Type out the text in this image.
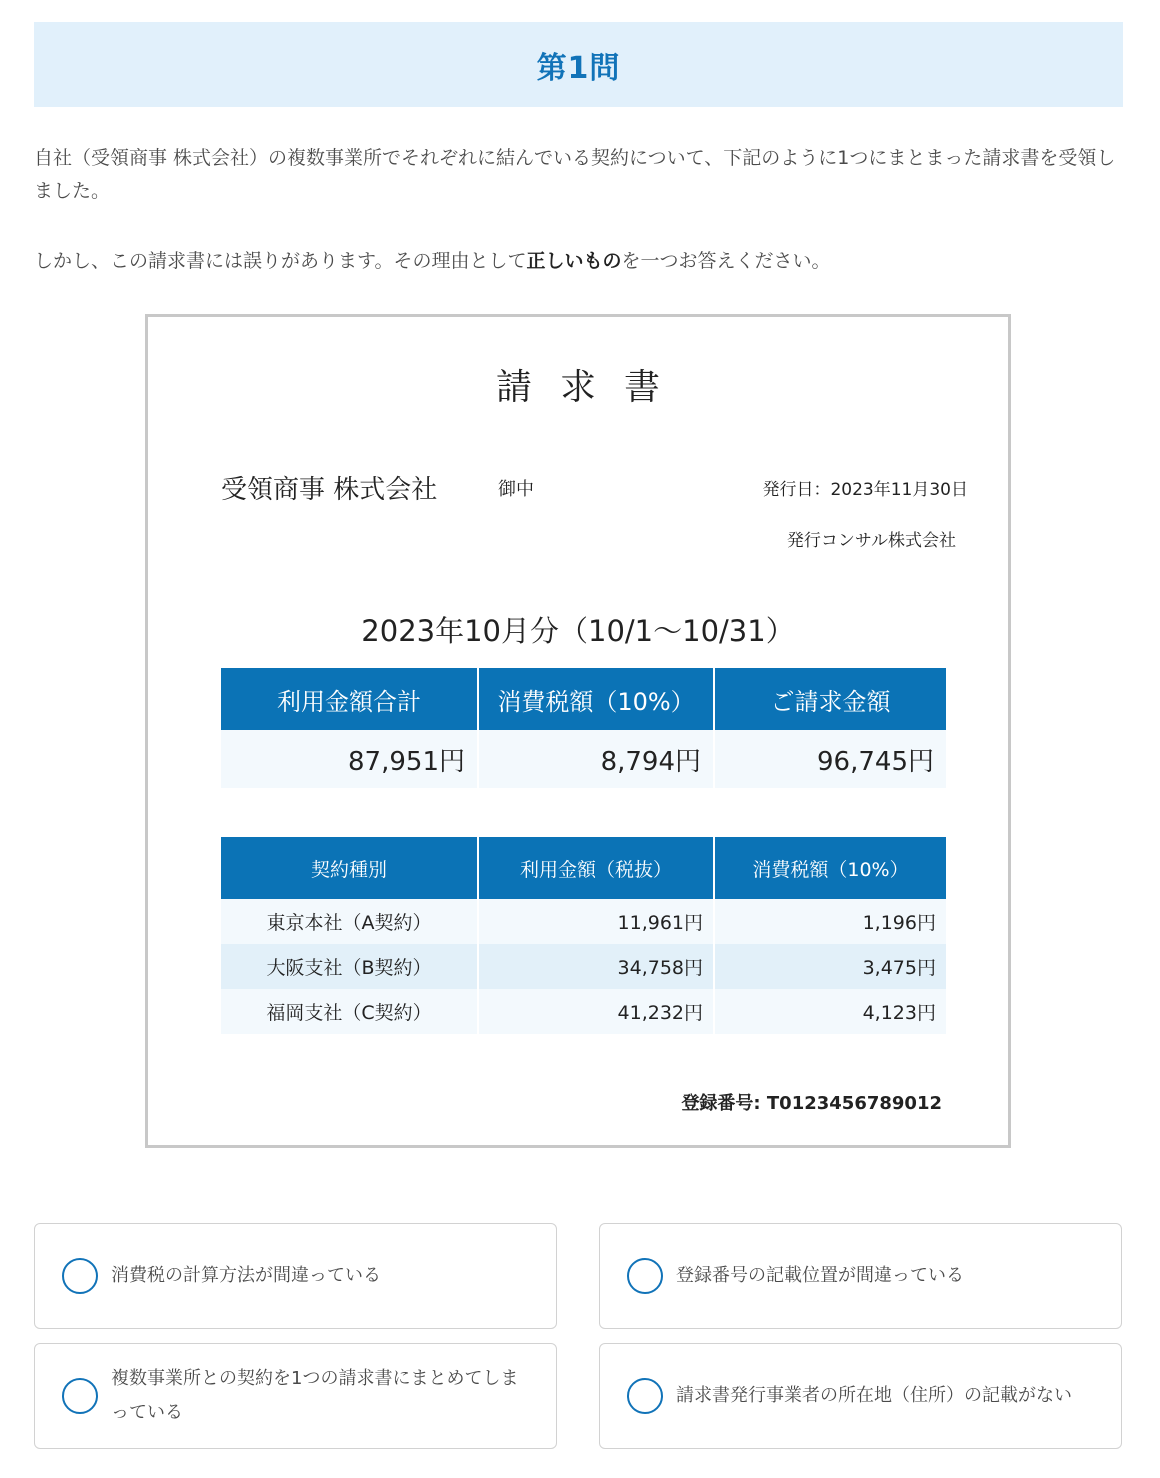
第1問

自社（受領商事 株式会社）の複数事業所でそれぞれに結んでいる契約について、下記のように1つにまとまった請求書を受領しました。

しかし、この請求書には誤りがあります。その理由として正しいものを一つお答えください。

請求書
受領商事 株式会社	御中	発行日：2023年11月30日
発行コンサル株式会社
2023年10月分（10/1〜10/31）
利用金額合計	消費税額（10%）	ご請求金額
87,951円	8,794円	96,745円
契約種別	利用金額（税抜）	消費税額（10%）
東京本社（A契約）	11,961円	1,196円
大阪支社（B契約）	34,758円	3,475円
福岡支社（C契約）	41,232円	4,123円
登録番号: T0123456789012
消費税の計算方法が間違っている	登録番号の記載位置が間違っている
複数事業所との契約を1つの請求書にまとめてしまっている
請求書発行事業者の所在地（住所）の記載がない
